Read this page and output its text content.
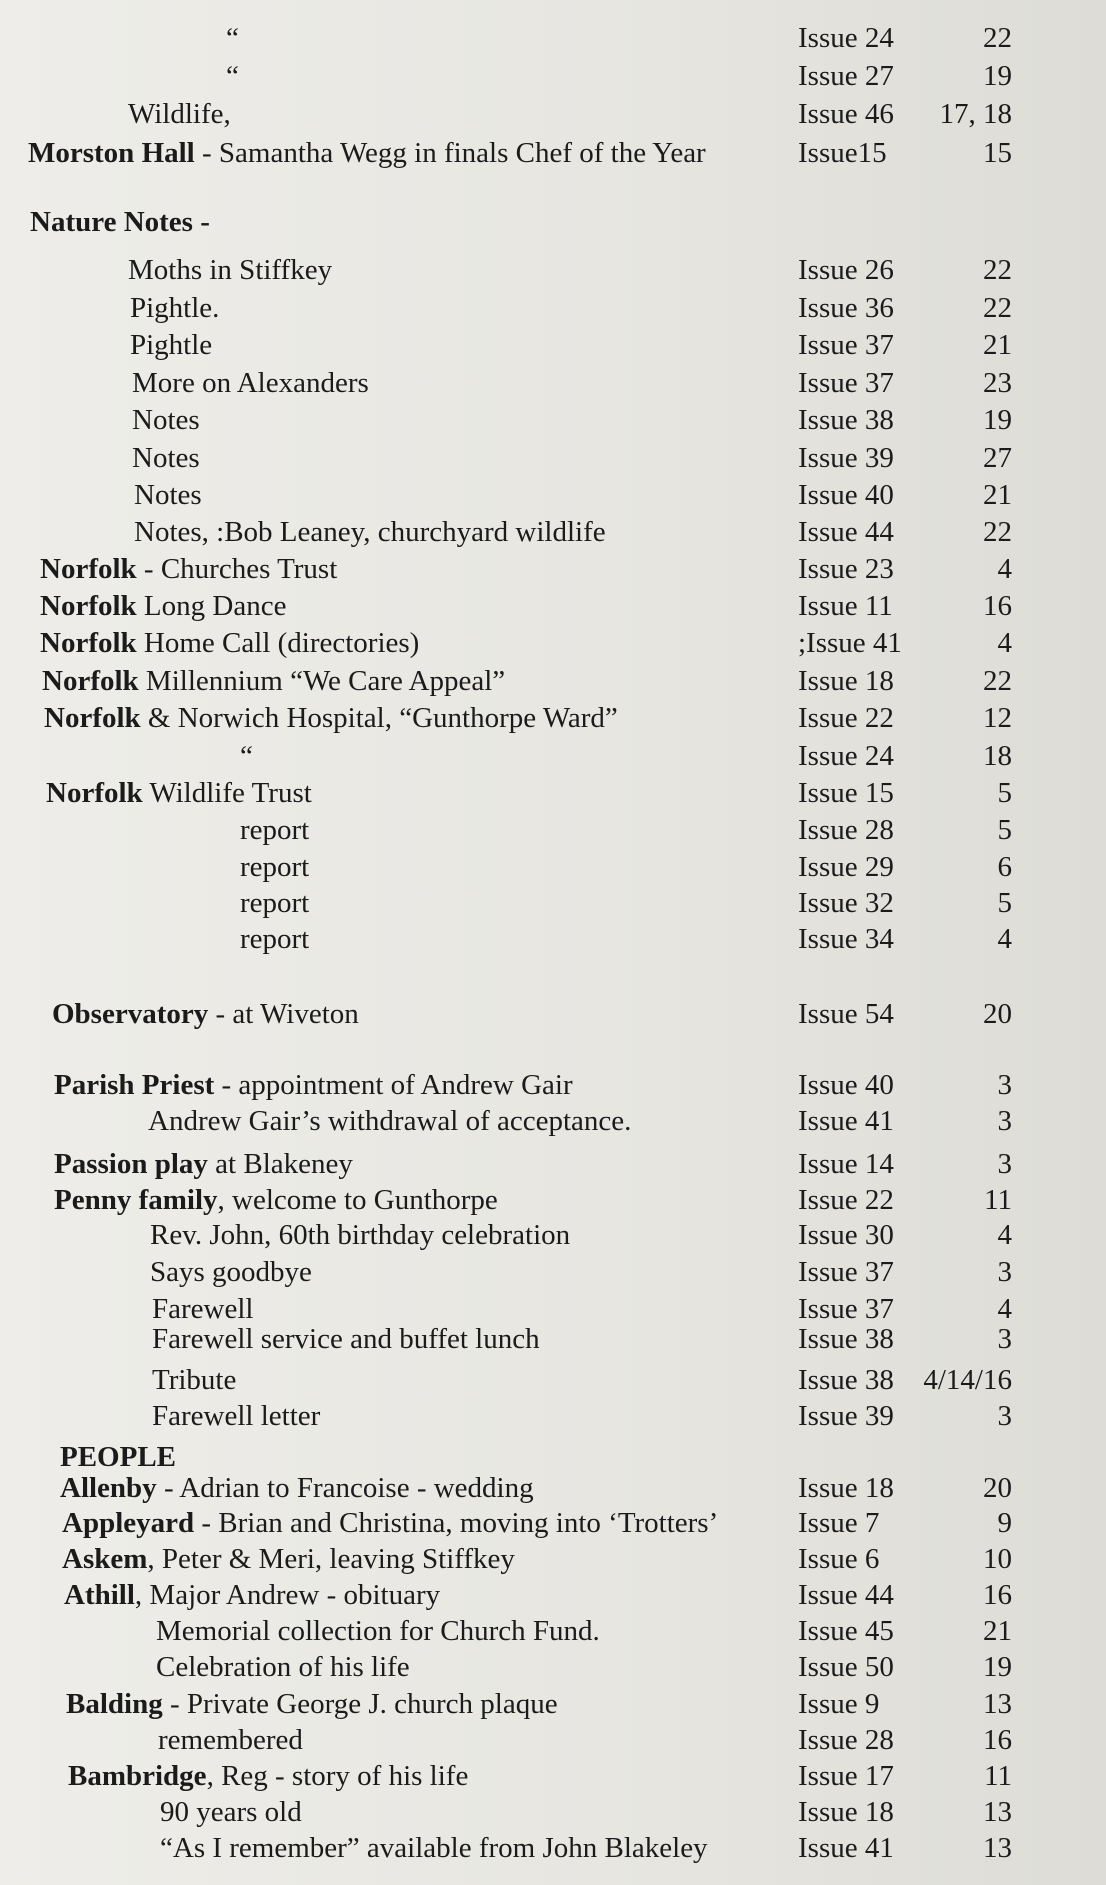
Nature Notes -
PEOPLE
“	Issue 24	22
“	Issue 27	19
Wildlife,	Issue 46 17, 18
Morston Hall - Samantha Wegg in finals Chef of the Year	Issue15	15
Moths in Stiffkey	Issue 26	22
Pightle.	Issue 36	22
Pightle	Issue 37	21
More on Alexanders	Issue 37	23
Notes	Issue 38	19
Notes	Issue 39	27
Notes	Issue 40	21
Notes, :Bob Leaney, churchyard wildlife	Issue 44	22
Norfolk - Churches Trust	Issue 23	4
Norfolk Long Dance	Issue 11	16
Norfolk Home Call (directories)	;Issue 41	4
Norfolk Millennium “We Care Appeal”	Issue 18	22
Norfolk & Norwich Hospital, “Gunthorpe Ward”	Issue 22	12
“	Issue 24	18
Norfolk Wildlife Trust	Issue 15	5
report	Issue 28	5
report	Issue 29	6
report	Issue 32	5
report	Issue 34	4
Observatory - at Wiveton	Issue 54	20
Parish Priest - appointment of Andrew Gair	Issue 40	3
Andrew Gair’s withdrawal of acceptance.	Issue 41	3
Passion play at Blakeney	Issue 14	3
Penny family, welcome to Gunthorpe	Issue 22	11
Rev. John, 60th birthday celebration	Issue 30	4
Says goodbye	Issue 37	3
Farewell	Issue 37	4
Farewell service and buffet lunch	Issue 38	3
Tribute	Issue 38 4/14/16
Farewell letter	Issue 39	3
Allenby - Adrian to Francoise - wedding	Issue 18	20
Appleyard - Brian and Christina, moving into ‘Trotters’	Issue 7	9
Askem, Peter & Meri, leaving Stiffkey	Issue 6	10
Athill, Major Andrew - obituary	Issue 44	16
Memorial collection for Church Fund.	Issue 45	21
Celebration of his life	Issue 50	19
Balding - Private George J. church plaque	Issue 9	13
remembered	Issue 28	16
Bambridge, Reg - story of his life	Issue 17	11
90 years old	Issue 18	13
“As I remember” available from John Blakeley	Issue 41	13
